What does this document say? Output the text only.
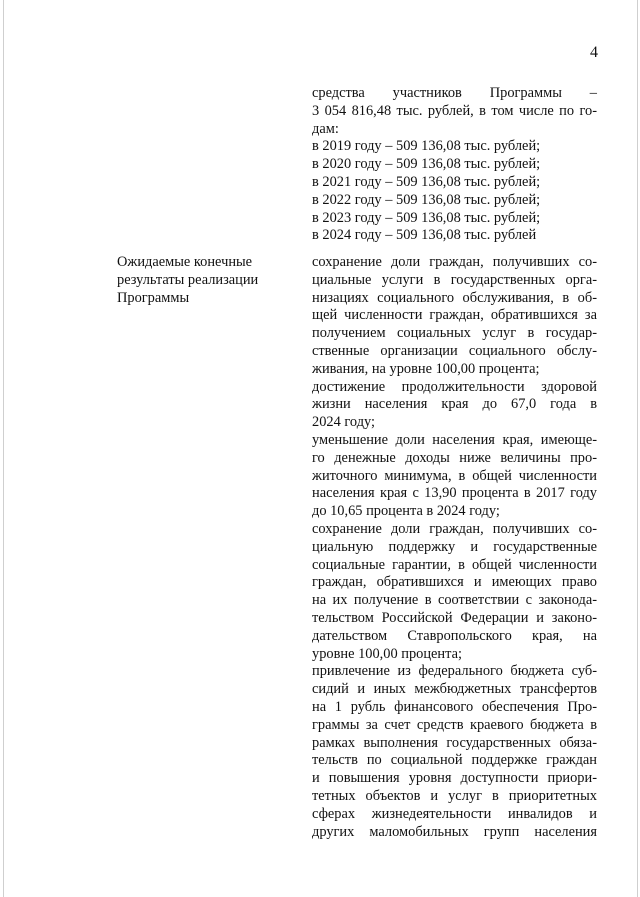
4
средства участников Программы –
3 054 816,48 тыс. рублей, в том числе по го-
дам:
в 2019 году – 509 136,08 тыс. рублей;
в 2020 году – 509 136,08 тыс. рублей;
в 2021 году – 509 136,08 тыс. рублей;
в 2022 году – 509 136,08 тыс. рублей;
в 2023 году – 509 136,08 тыс. рублей;
в 2024 году – 509 136,08 тыс. рублей
Ожидаемые конечные
результаты реализации
Программы
сохранение доли граждан, получивших со-
циальные услуги в государственных орга-
низациях социального обслуживания, в об-
щей численности граждан, обратившихся за
получением социальных услуг в государ-
ственные организации социального обслу-
живания, на уровне 100,00 процента;
достижение продолжительности здоровой
жизни населения края до 67,0 года в
2024 году;
уменьшение доли населения края, имеюще-
го денежные доходы ниже величины про-
житочного минимума, в общей численности
населения края с 13,90 процента в 2017 году
до 10,65 процента в 2024 году;
сохранение доли граждан, получивших со-
циальную поддержку и государственные
социальные гарантии, в общей численности
граждан, обратившихся и имеющих право
на их получение в соответствии с законода-
тельством Российской Федерации и законо-
дательством Ставропольского края, на
уровне 100,00 процента;
привлечение из федерального бюджета суб-
сидий и иных межбюджетных трансфертов
на 1 рубль финансового обеспечения Про-
граммы за счет средств краевого бюджета в
рамках выполнения государственных обяза-
тельств по социальной поддержке граждан
и повышения уровня доступности приори-
тетных объектов и услуг в приоритетных
сферах жизнедеятельности инвалидов и
других маломобильных групп населения
